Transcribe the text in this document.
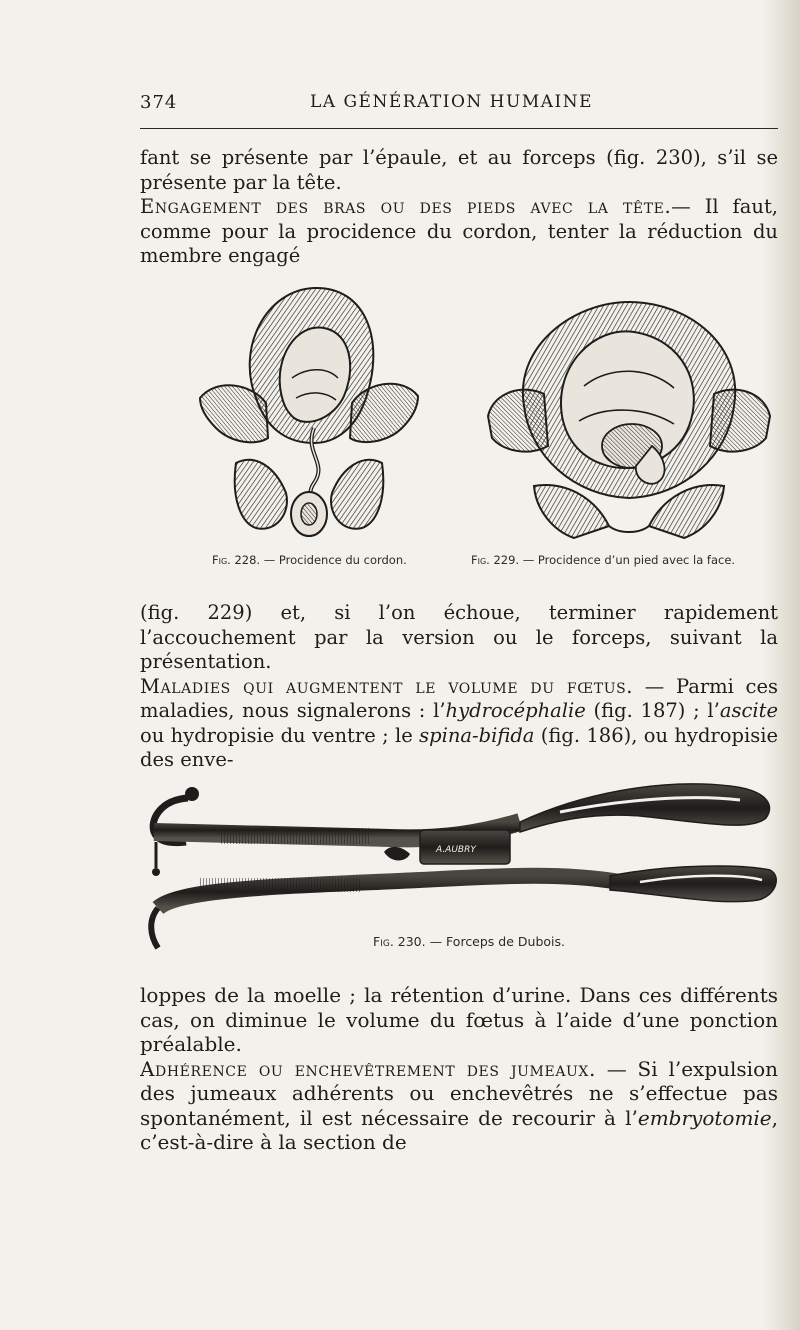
374	LA GÉNÉRATION HUMAINE

fant se présente par l’épaule, et au forceps (fig. 230), s’il se présente par la tête.

Engagement des bras ou des pieds avec la tête.— Il faut, comme pour la procidence du cordon, tenter la réduction du membre engagé

Fig. 228. — Procidence du cordon.	Fig. 229. — Procidence d’un pied avec la face.

(fig. 229) et, si l’on échoue, terminer rapidement l’accouchement par la version ou le forceps, suivant la présentation.

Maladies qui augmentent le volume du fœtus. — Parmi ces maladies, nous signalerons : l’hydrocéphalie (fig. 187) ; l’ascite ou hydropisie du ventre ; le spina-bifida (fig. 186), ou hydropisie des enve-

A.AUBRY
Fig. 230. — Forceps de Dubois.

loppes de la moelle ; la rétention d’urine. Dans ces différents cas, on diminue le volume du fœtus à l’aide d’une ponction préalable.

Adhérence ou enchevêtrement des jumeaux. — Si l’expulsion des jumeaux adhérents ou enchevêtrés ne s’effectue pas spontanément, il est nécessaire de recourir à l’embryotomie, c’est-à-dire à la section de
